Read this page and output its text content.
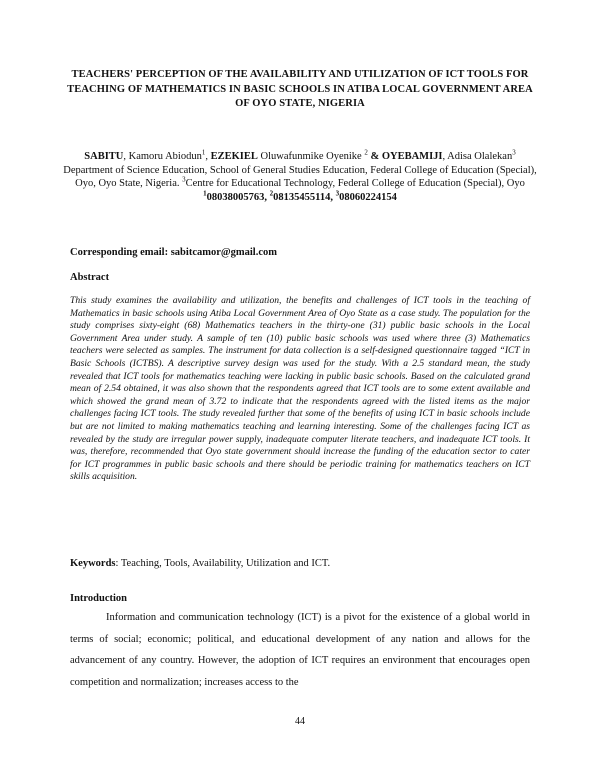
TEACHERS' PERCEPTION OF THE AVAILABILITY AND UTILIZATION OF ICT TOOLS FOR TEACHING OF MATHEMATICS IN BASIC SCHOOLS IN ATIBA LOCAL GOVERNMENT AREA OF OYO STATE, NIGERIA
SABITU, Kamoru Abiodun$^1$, EZEKIEL Oluwafunmike Oyenike $^2$ & OYEBAMIJI, Adisa Olalekan$^3$
Department of Science Education, School of General Studies Education, Federal College of Education (Special), Oyo, Oyo State, Nigeria. $^3$Centre for Educational Technology, Federal College of Education (Special), Oyo
$^1$08038005763, $^2$08135455114, $^3$08060224154
Corresponding email: sabitcamor@gmail.com
Abstract
This study examines the availability and utilization, the benefits and challenges of ICT tools in the teaching of Mathematics in basic schools using Atiba Local Government Area of Oyo State as a case study. The population for the study comprises sixty-eight (68) Mathematics teachers in the thirty-one (31) public basic schools in the Local Government Area under study. A sample of ten (10) public basic schools was used where three (3) Mathematics teachers were selected as samples. The instrument for data collection is a self-designed questionnaire tagged “ICT in Basic Schools (ICTBS). A descriptive survey design was used for the study. With a 2.5 standard mean, the study revealed that ICT tools for mathematics teaching were lacking in public basic schools. Based on the calculated grand mean of 2.54 obtained, it was also shown that the respondents agreed that ICT tools are to some extent available and which showed the grand mean of 3.72 to indicate that the respondents agreed with the listed items as the major challenges facing ICT tools. The study revealed further that some of the benefits of using ICT in basic schools include but are not limited to making mathematics teaching and learning interesting. Some of the challenges facing ICT as revealed by the study are irregular power supply, inadequate computer literate teachers, and inadequate ICT tools. It was, therefore, recommended that Oyo state government should increase the funding of the education sector to cater for ICT programmes in public basic schools and there should be periodic training for mathematics teachers on ICT skills acquisition.
Keywords: Teaching, Tools, Availability, Utilization and ICT.
Introduction
Information and communication technology (ICT) is a pivot for the existence of a global world in terms of social; economic; political, and educational development of any nation and allows for the advancement of any country. However, the adoption of ICT requires an environment that encourages open competition and normalization; increases access to the
44
